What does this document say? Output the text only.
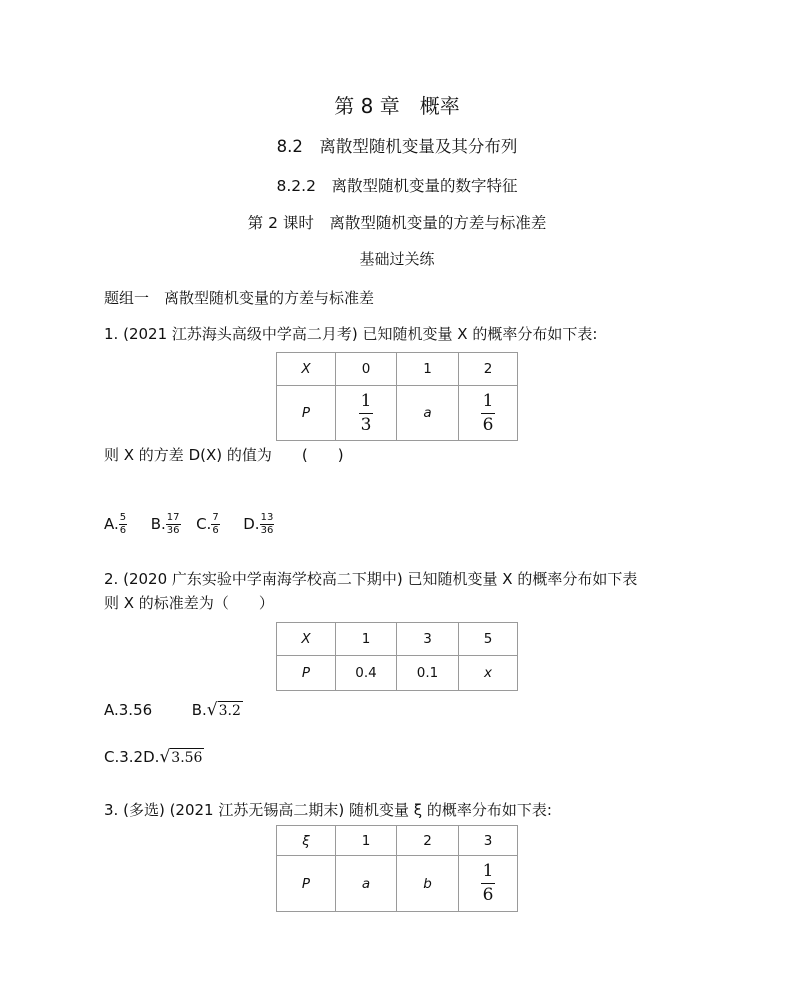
第 8 章　概率
8.2　离散型随机变量及其分布列
8.2.2　离散型随机变量的数字特征
第 2 课时　离散型随机变量的方差与标准差
基础过关练
题组一　离散型随机变量的方差与标准差
1. (2021 江苏海头高级中学高二月考) 已知随机变量 X 的概率分布如下表:
X	0	1	2
P	$\frac{1}{3}$	a	$\frac{1}{6}$
则 X 的方差 D(X) 的值为　　(　　)
A. $\frac{5}{6} B$. $\frac{17}{36} C$. $\frac{7}{6} D$. $\frac{13}{36}$
2. (2020 广东实验中学南海学校高二下期中) 已知随机变量 X 的概率分布如下表
则 X 的标准差为（　　）
X	1	3	5
P	0.4	0.1	x
A.3.56	B. √ 3.2
C.3.2D. √ 3.56
3. (多选) (2021 江苏无锡高二期末) 随机变量 ξ 的概率分布如下表:
ξ	1	2	3
P	a	b	$\frac{1}{6}$
